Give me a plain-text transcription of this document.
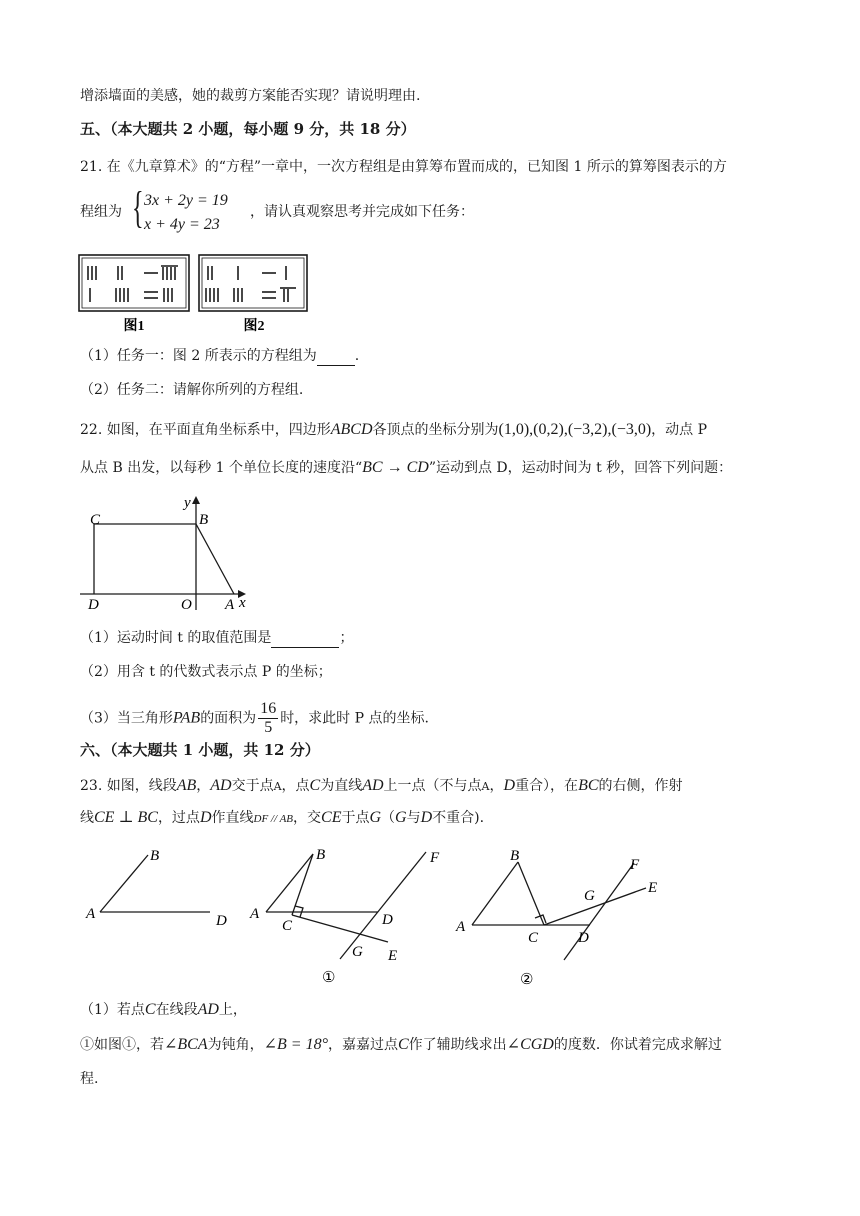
增添墙面的美感，她的裁剪方案能否实现？请说明理由.
五、（本大题共 2 小题，每小题 9 分，共 18 分）
21. 在《九章算术》的“方程”一章中，一次方程组是由算筹布置而成的，已知图 1 所示的算筹图表示的方
程组为 { 3x + 2y = 19
x + 4y = 23
，请认真观察思考并完成如下任务：
图1	图2
（1）任务一：图 2 所表示的方程组为	.
（2）任务二：请解你所列的方程组.
22. 如图，在平面直角坐标系中，四边形ABCD各顶点的坐标分别为(1,0),(0,2),(−3,2),(−3,0)，动点 P
从点 B 出发，以每秒 1 个单位长度的速度沿“BC → CD”运动到点 D，运动时间为 t 秒，回答下列问题：
C	B
y
D	O A x
（1）运动时间 t 的取值范围是	；
（2）用含 t 的代数式表示点 P 的坐标；
（3）当三角形PAB的面积为 $\frac{16}{5}$ 时，求此时 P 点的坐标.
六、（本大题共 1 小题，共 12 分）
23. 如图，线段AB，AD交于点A，点C为直线AD上一点（不与点A，D重合），在BC的右侧，作射
线CE ⊥ BC，过点D作直线DF // AB，交CE于点G（G与D不重合).
B
A	D
B
A
C	D
F
G E
①
B
A
C	D
F
G	E
②
（1）若点C在线段AD上，
①如图①，若∠BCA为钝角，∠B = 18°，嘉嘉过点C作了辅助线求出∠CGD的度数．你试着完成求解过
程.
